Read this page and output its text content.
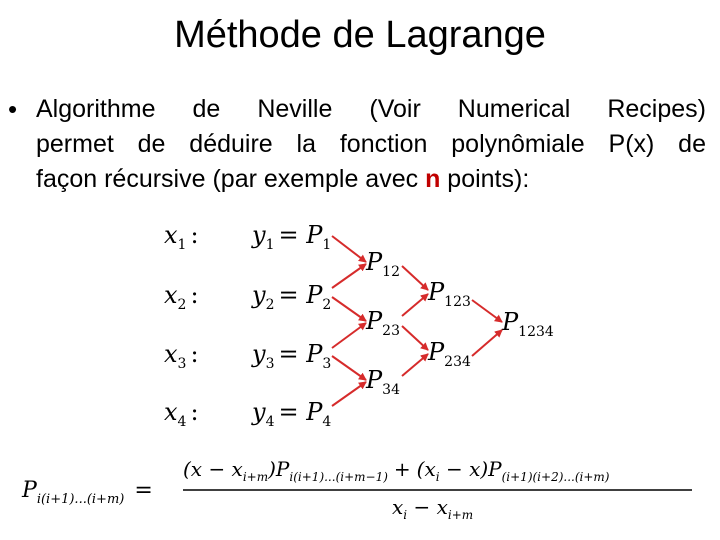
Méthode de Lagrange
• Algorithme de Neville (Voir Numerical Recipes)
permet de déduire la fonction polynômiale P(x) de
façon récursive (par exemple avec n points):
$x_1$ : $y_1 = P_1$
$x_2$ : $y_2 = P_2$
$x_3$ : $y_3 = P_3$
$x_4$ : $y_4 = P_4$
$P_{12}$
$P_{23}$
$P_{34}$
$P_{123}$
$P_{234}$
$P_{1234}$
$P_{i(i+1)...(i+m)}$ =
$(x - x_{i+m})P_{i(i+1)...(i+m-1)} + (x_i - x)P_{(i+1)(i+2)...(i+m)}$
$x_i - x_{i+m}$
